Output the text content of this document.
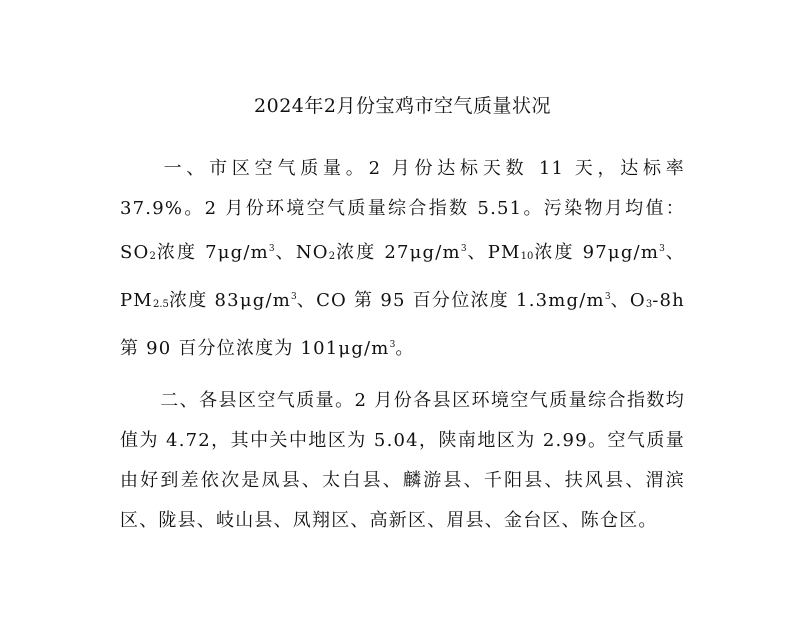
2024年2月份宝鸡市空气质量状况

一、市区空气质量。2 月份达标天数 11 天，达标率 37.9%。2 月份环境空气质量综合指数 5.51。污染物月均值：$SO_2$浓度 $7\mu g/m^3$、$NO_2$浓度 $27\mu g/m^3$、$PM_{10}$浓度 $97\mu g/m^3$、$PM_{2.5}$浓度 $83\mu g/m^3$、CO 第 95 百分位浓度 $1.3mg/m^3$、$O_3-8h$ 第 90 百分位浓度为 $101\mu g/m^3$。

二、各县区空气质量。2 月份各县区环境空气质量综合指数均值为 4.72，其中关中地区为 5.04，陕南地区为 2.99。空气质量由好到差依次是凤县、太白县、麟游县、千阳县、扶风县、渭滨区、陇县、岐山县、凤翔区、高新区、眉县、金台区、陈仓区。
